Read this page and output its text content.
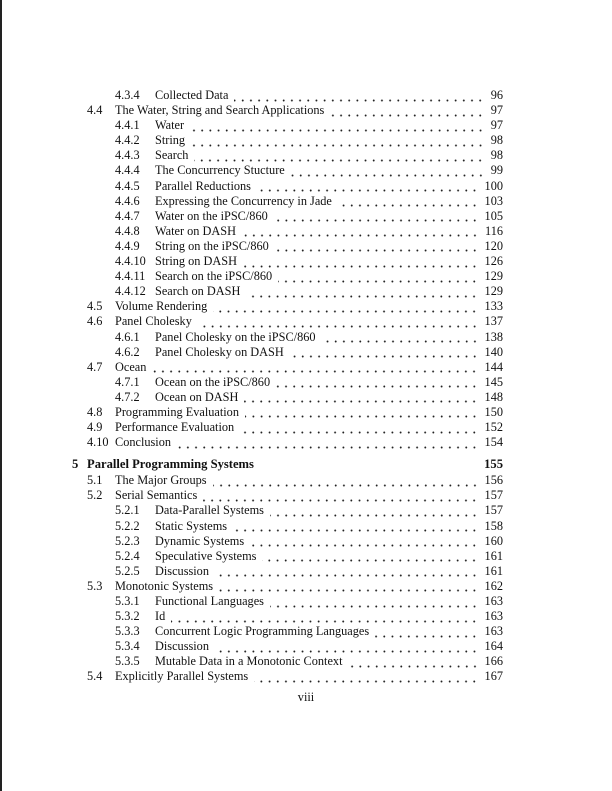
4.3.4	Collected Data	96
4.4	The Water, String and Search Applications	97
4.4.1	Water	97
4.4.2	String	98
4.4.3	Search	98
4.4.4	The Concurrency Stucture	99
4.4.5	Parallel Reductions	100
4.4.6	Expressing the Concurrency in Jade	103
4.4.7	Water on the iPSC/860	105
4.4.8	Water on DASH	116
4.4.9	String on the iPSC/860	120
4.4.10 String on DASH	126
4.4.11 Search on the iPSC/860	129
4.4.12 Search on DASH	129
4.5	Volume Rendering	133
4.6	Panel Cholesky	137
4.6.1	Panel Cholesky on the iPSC/860	138
4.6.2	Panel Cholesky on DASH	140
4.7	Ocean	144
4.7.1	Ocean on the iPSC/860	145
4.7.2	Ocean on DASH	148
4.8	Programming Evaluation	150
4.9	Performance Evaluation	152
4.10 Conclusion	154
5 Parallel Programming Systems	155
5.1	The Major Groups	156
5.2	Serial Semantics	157
5.2.1	Data-Parallel Systems	157
5.2.2	Static Systems	158
5.2.3	Dynamic Systems	160
5.2.4	Speculative Systems	161
5.2.5	Discussion	161
5.3	Monotonic Systems	162
5.3.1	Functional Languages	163
5.3.2	Id	163
5.3.3	Concurrent Logic Programming Languages	163
5.3.4	Discussion	164
5.3.5	Mutable Data in a Monotonic Context	166
5.4	Explicitly Parallel Systems	167
viii
